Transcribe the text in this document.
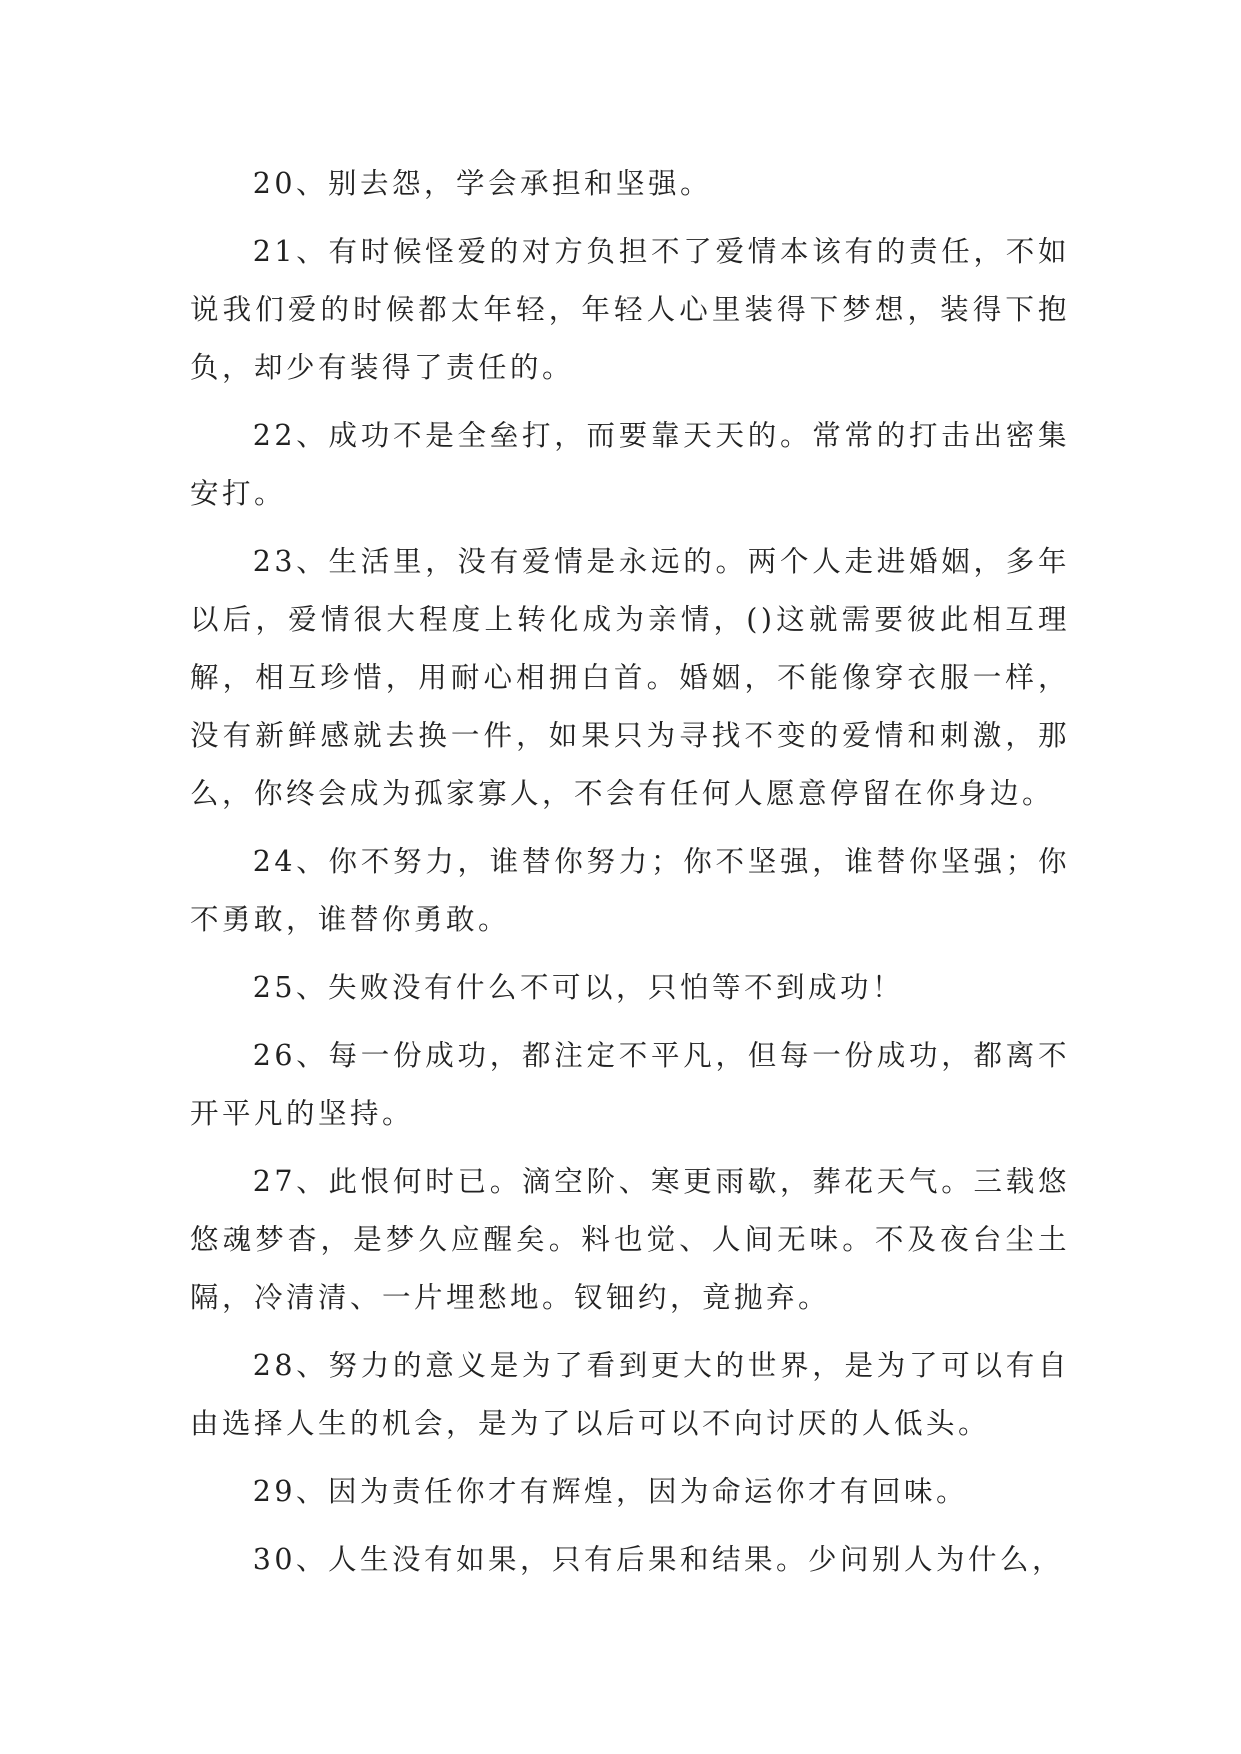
20、别去怨，学会承担和坚强。

21、有时候怪爱的对方负担不了爱情本该有的责任，不如说我们爱的时候都太年轻，年轻人心里装得下梦想，装得下抱负，却少有装得了责任的。

22、成功不是全垒打，而要靠天天的。常常的打击出密集安打。

23、生活里，没有爱情是永远的。两个人走进婚姻，多年以后，爱情很大程度上转化成为亲情，()这就需要彼此相互理解，相互珍惜，用耐心相拥白首。婚姻，不能像穿衣服一样，没有新鲜感就去换一件，如果只为寻找不变的爱情和刺激，那么，你终会成为孤家寡人，不会有任何人愿意停留在你身边。

24、你不努力，谁替你努力；你不坚强，谁替你坚强；你不勇敢，谁替你勇敢。

25、失败没有什么不可以，只怕等不到成功！

26、每一份成功，都注定不平凡，但每一份成功，都离不开平凡的坚持。

27、此恨何时已。滴空阶、寒更雨歇，葬花天气。三载悠悠魂梦杳，是梦久应醒矣。料也觉、人间无味。不及夜台尘土隔，冷清清、一片埋愁地。钗钿约，竟抛弃。

28、努力的意义是为了看到更大的世界，是为了可以有自由选择人生的机会，是为了以后可以不向讨厌的人低头。

29、因为责任你才有辉煌，因为命运你才有回味。

30、人生没有如果，只有后果和结果。少问别人为什么，
